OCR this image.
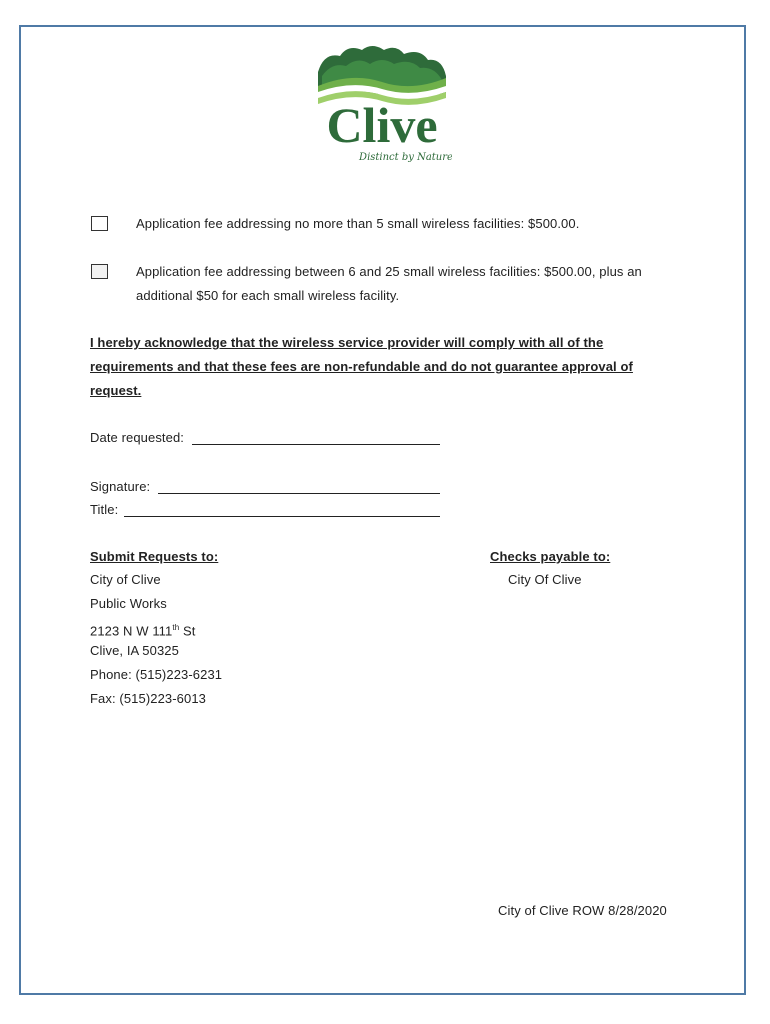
Clive
Distinct by Nature
Application fee addressing no more than 5 small wireless facilities: $500.00.
Application fee addressing between 6 and 25 small wireless facilities: $500.00, plus an
additional $50 for each small wireless facility.
I hereby acknowledge that the wireless service provider will comply with all of the
requirements and that these fees are non-refundable and do not guarantee approval of
request.
Date requested:
Signature:
Title:
Submit Requests to:
City of Clive
Public Works
2123 N W 111th St
Clive, IA 50325
Phone: (515)223-6231
Fax: (515)223-6013
Checks payable to:
City Of Clive
City of Clive ROW 8/28/2020
